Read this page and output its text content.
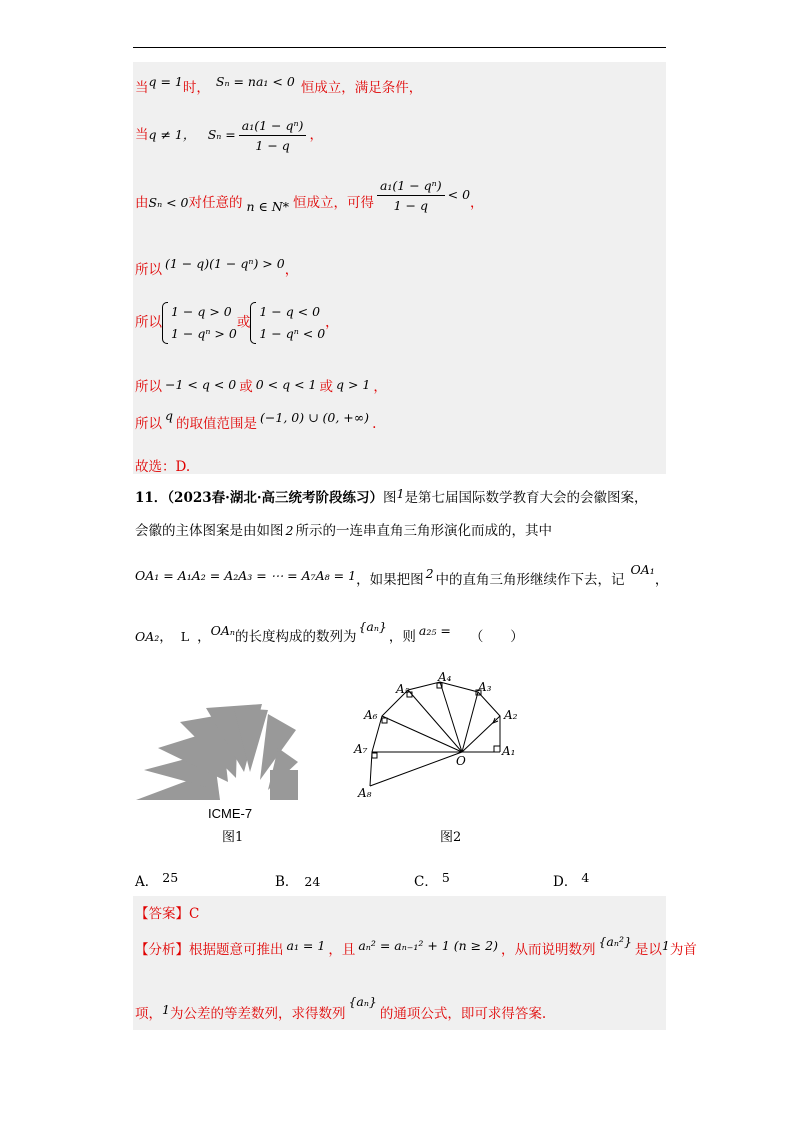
当q = 1时， Sₙ = na₁ < 0 恒成立，满足条件，
当q ≠ 1， $S_n = \frac{\text{a₁(1 − qⁿ)}}{1 - q}$ ，
由Sₙ < 0对任意的 n ∈ N* 恒成立，可得 $\frac{\text{a₁(1 − qⁿ)}}{1 - q} < 0$，
所以 (1 − q)(1 − qⁿ) > 0，
所以
1 − q > 0
1 − qⁿ > 0
或
1 − q < 0
1 − qⁿ < 0
，
所以 −1 < q < 0 或 0 < q < 1 或 q > 1 ，
所以q的取值范围是 (−1, 0) ∪ (0, +∞) .
故选：D.
11．（2023春·湖北·高三统考阶段练习）图1是第七届国际数学教育大会的会徽图案，
会徽的主体图案是由如图 2 所示的一连串直角三角形演化而成的，其中
OA₁ = A₁A₂ = A₂A₃ = ⋯ = A₇A₈ = 1，如果把图 2 中的直角三角形继续作下去，记OA₁，
OA₂， L ，OAₙ的长度构成的数列为{aₙ}，则 a₂₅ = （　　）
ICME-7
图1
A₁
A₂
A₃
A₄
A₅
A₆
A₇
A₈
O
图2
A． 25	B． 24	C． 5	D． 4
【答案】C
【分析】根据题意可推出 a₁ = 1 ，且 aₙ² = aₙ₋₁² + 1 (n ≥ 2) ，从而说明数列{aₙ²}是以1为首
项，1为公差的等差数列，求得数列{aₙ}的通项公式，即可求得答案.
